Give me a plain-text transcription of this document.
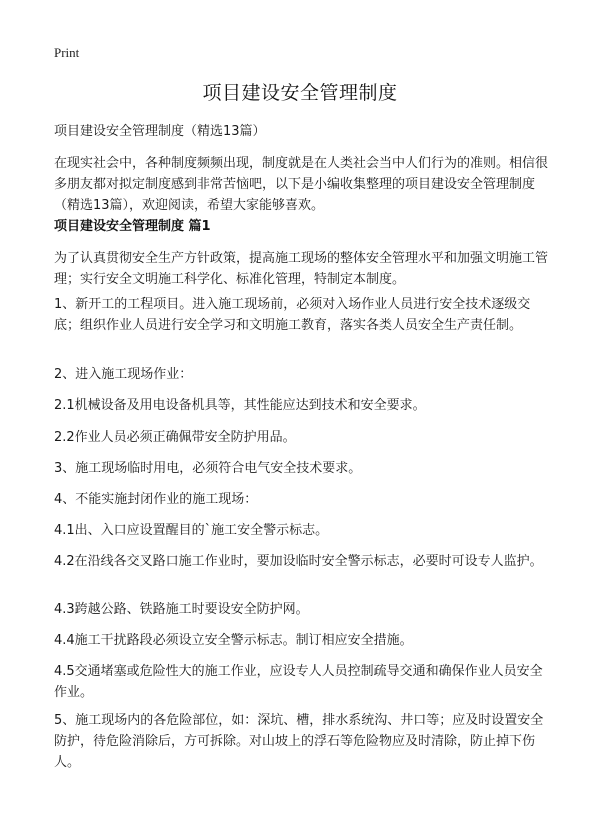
Print
项目建设安全管理制度

项目建设安全管理制度（精选13篇）

在现实社会中，各种制度频频出现，制度就是在人类社会当中人们行为的准则。相信很多朋友都对拟定制度感到非常苦恼吧，以下是小编收集整理的项目建设安全管理制度（精选13篇），欢迎阅读，希望大家能够喜欢。

项目建设安全管理制度 篇1

为了认真贯彻安全生产方针政策，提高施工现场的整体安全管理水平和加强文明施工管理；实行安全文明施工科学化、标准化管理，特制定本制度。

1、新开工的工程项目。进入施工现场前，必须对入场作业人员进行安全技术逐级交底；组织作业人员进行安全学习和文明施工教育，落实各类人员安全生产责任制。

2、进入施工现场作业：

2.1机械设备及用电设备机具等，其性能应达到技术和安全要求。

2.2作业人员必须正确佩带安全防护用品。

3、施工现场临时用电，必须符合电气安全技术要求。

4、不能实施封闭作业的施工现场：

4.1出、入口应设置醒目的`施工安全警示标志。

4.2在沿线各交叉路口施工作业时，要加设临时安全警示标志，必要时可设专人监护。

4.3跨越公路、铁路施工时要设安全防护网。

4.4施工干扰路段必须设立安全警示标志。制订相应安全措施。

4.5交通堵塞或危险性大的施工作业，应设专人人员控制疏导交通和确保作业人员安全作业。

5、施工现场内的各危险部位，如：深坑、槽，排水系统沟、井口等；应及时设置安全防护，待危险消除后，方可拆除。对山坡上的浮石等危险物应及时清除，防止掉下伤人。
